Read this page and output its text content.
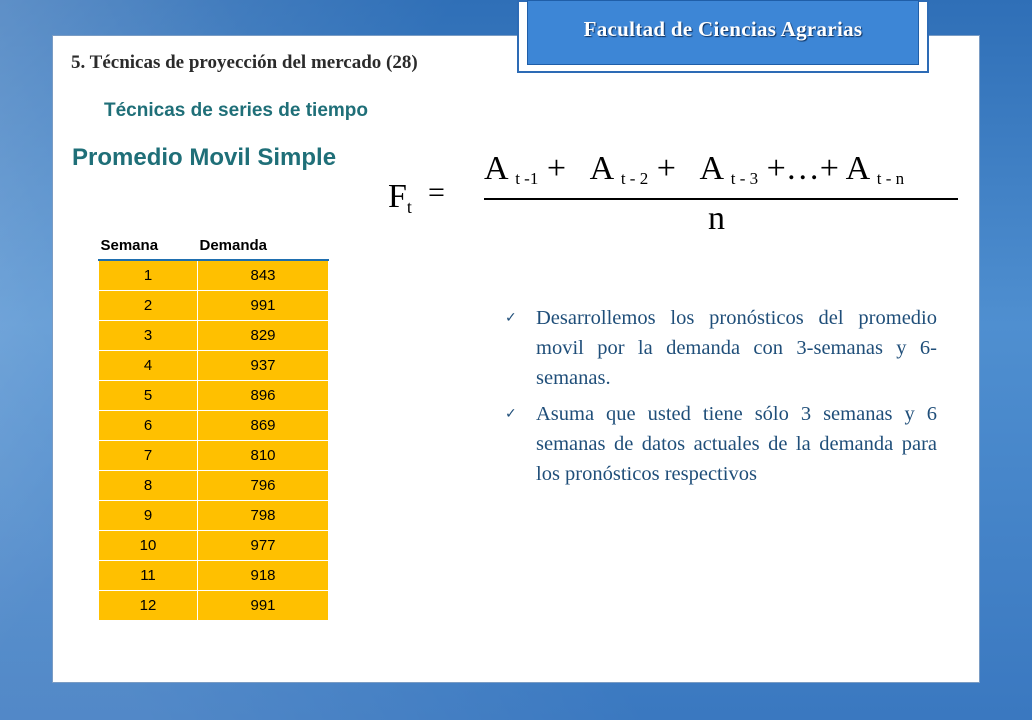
Facultad de Ciencias Agrarias
5. Técnicas de proyección del mercado (28)
Técnicas de series de tiempo
Promedio Movil Simple
$F_t$ =
A t -1 + A t - 2 + A t - 3 +…+ A t - n
n
Semana	Demanda
1	843
2	991
3	829
4	937
5	896
6	869
7	810
8	796
9	798
10	977
11	918
12	991
✓ Desarrollemos los pronósticos del promedio movil por la demanda con 3-semanas y 6-semanas.
✓ Asuma que usted tiene sólo 3 semanas y 6 semanas de datos actuales de la demanda para los pronósticos respectivos
